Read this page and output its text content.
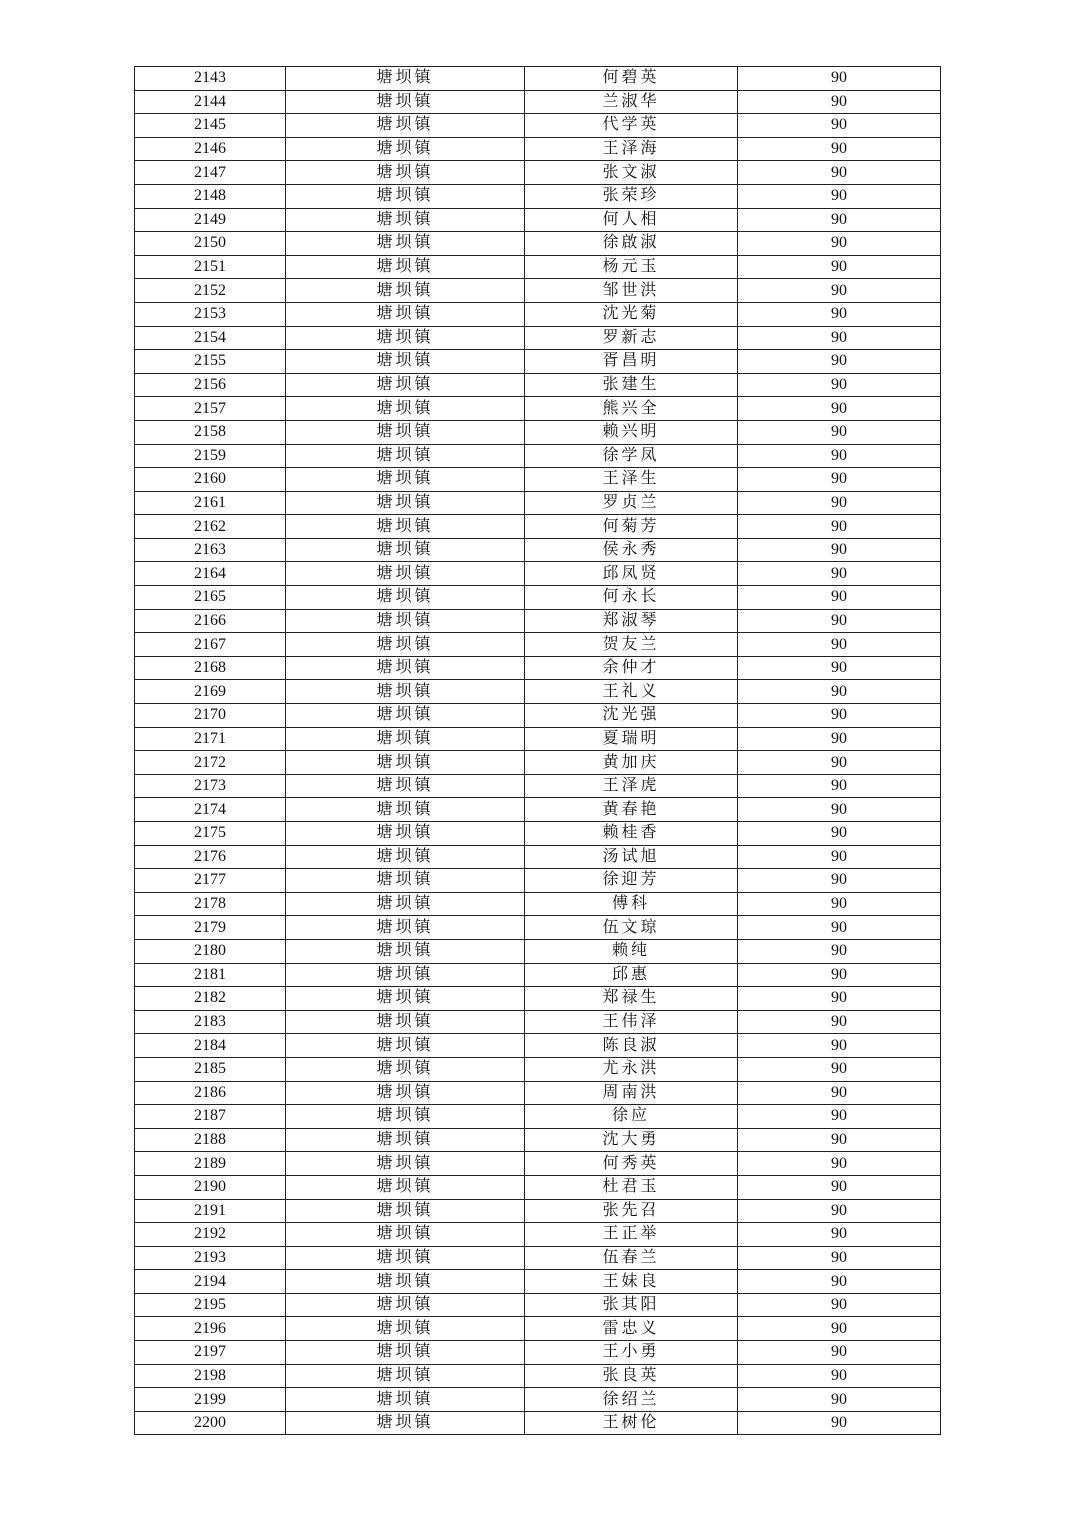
2143	塘坝镇	何碧英	90
2144	塘坝镇	兰淑华	90
2145	塘坝镇	代学英	90
2146	塘坝镇	王泽海	90
2147	塘坝镇	张文淑	90
2148	塘坝镇	张荣珍	90
2149	塘坝镇	何人相	90
2150	塘坝镇	徐啟淑	90
2151	塘坝镇	杨元玉	90
2152	塘坝镇	邹世洪	90
2153	塘坝镇	沈光菊	90
2154	塘坝镇	罗新志	90
2155	塘坝镇	胥昌明	90
2156	塘坝镇	张建生	90
2157	塘坝镇	熊兴全	90
2158	塘坝镇	赖兴明	90
2159	塘坝镇	徐学凤	90
2160	塘坝镇	王泽生	90
2161	塘坝镇	罗贞兰	90
2162	塘坝镇	何菊芳	90
2163	塘坝镇	侯永秀	90
2164	塘坝镇	邱凤贤	90
2165	塘坝镇	何永长	90
2166	塘坝镇	郑淑琴	90
2167	塘坝镇	贺友兰	90
2168	塘坝镇	余仲才	90
2169	塘坝镇	王礼义	90
2170	塘坝镇	沈光强	90
2171	塘坝镇	夏瑞明	90
2172	塘坝镇	黄加庆	90
2173	塘坝镇	王泽虎	90
2174	塘坝镇	黄春艳	90
2175	塘坝镇	赖桂香	90
2176	塘坝镇	汤试旭	90
2177	塘坝镇	徐迎芳	90
2178	塘坝镇	傅科	90
2179	塘坝镇	伍文琼	90
2180	塘坝镇	赖纯	90
2181	塘坝镇	邱惠	90
2182	塘坝镇	郑禄生	90
2183	塘坝镇	王伟泽	90
2184	塘坝镇	陈良淑	90
2185	塘坝镇	尤永洪	90
2186	塘坝镇	周南洪	90
2187	塘坝镇	徐应	90
2188	塘坝镇	沈大勇	90
2189	塘坝镇	何秀英	90
2190	塘坝镇	杜君玉	90
2191	塘坝镇	张先召	90
2192	塘坝镇	王正举	90
2193	塘坝镇	伍春兰	90
2194	塘坝镇	王妹良	90
2195	塘坝镇	张其阳	90
2196	塘坝镇	雷忠义	90
2197	塘坝镇	王小勇	90
2198	塘坝镇	张良英	90
2199	塘坝镇	徐绍兰	90
2200	塘坝镇	王树伦	90
